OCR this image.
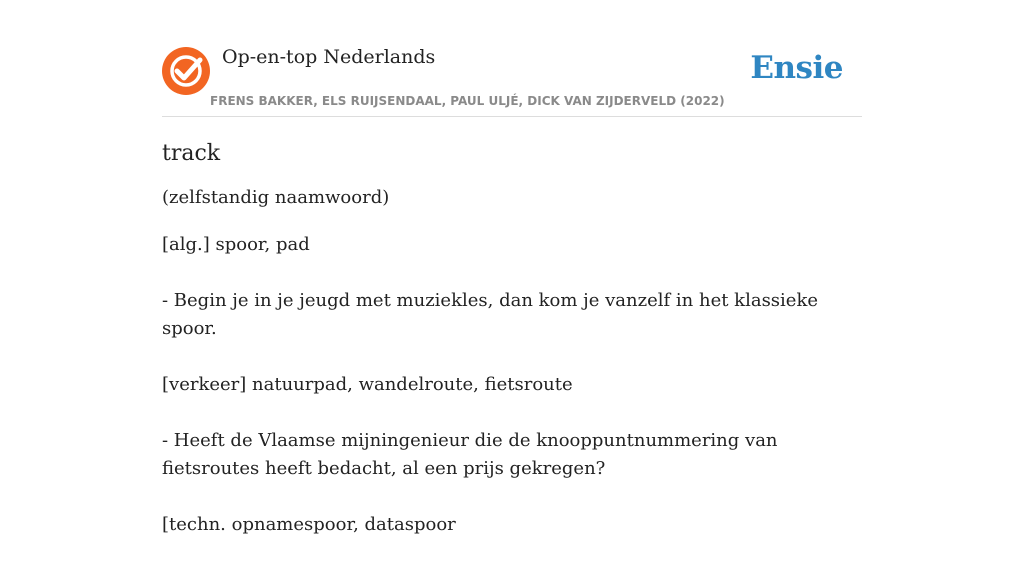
Op-en-top Nederlands	Ensie
FRENS BAKKER, ELS RUIJSENDAAL, PAUL ULJÉ, DICK VAN ZIJDERVELD (2022)
track
(zelfstandig naamwoord)
[alg.] spoor, pad
- Begin je in je jeugd met muziekles, dan kom je vanzelf in het klassieke spoor.
[verkeer] natuurpad, wandelroute, fietsroute
- Heeft de Vlaamse mijningenieur die de knooppuntnummering van fietsroutes heeft bedacht, al een prijs gekregen?
[techn. opnamespoor, dataspoor
